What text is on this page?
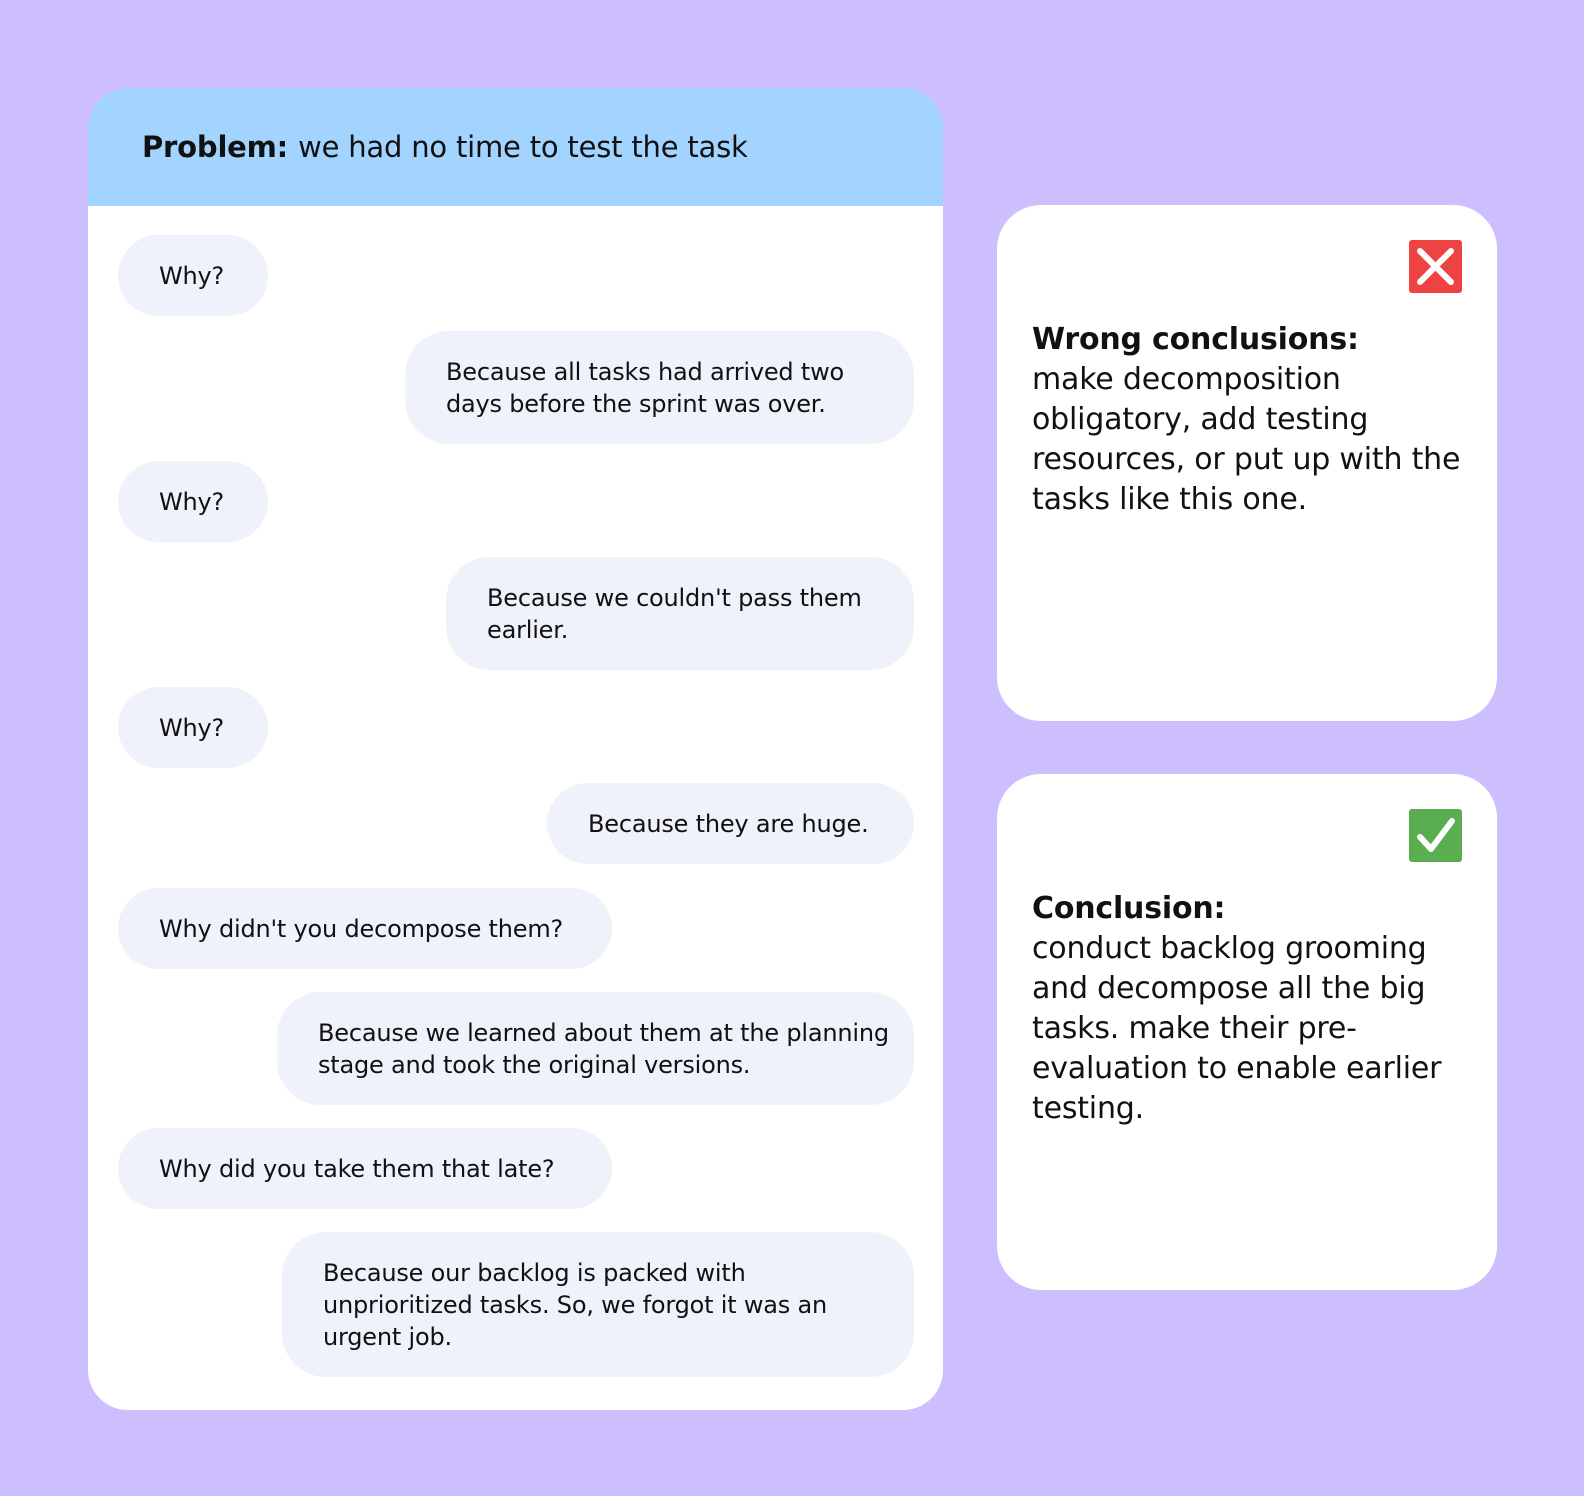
Problem: we had no time to test the task
Why?
Because all tasks had arrived two days before the sprint was over.
Why?
Because we couldn't pass them earlier.
Why?
Because they are huge.
Why didn't you decompose them?
Because we learned about them at the planning stage and took the original versions.
Why did you take them that late?
Because our backlog is packed with unprioritized tasks. So, we forgot it was an urgent job.
Wrong conclusions:
make decomposition obligatory, add testing resources, or put up with the tasks like this one.
Conclusion:
conduct backlog grooming and decompose all the big tasks. make their pre-evaluation to enable earlier testing.
